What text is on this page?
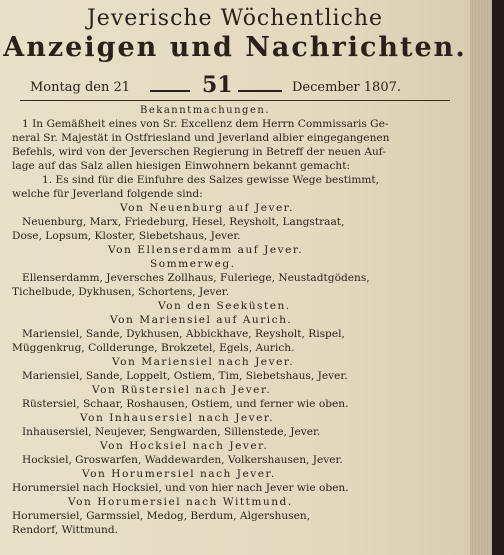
Jeverische Wöchentliche
Anzeigen und Nachrichten.
Montag den 21	51	December 1807.
Bekanntmachungen.
1 In Gemäßheit eines von Sr. Excellenz dem Herrn Commissaris Ge-
neral Sr. Majestät in Ostfriesland und Jeverland albier eingegangenen
Befehls, wird von der Jeverschen Regierung in Betreff der neuen Auf-
lage auf das Salz allen hiesigen Einwohnern bekannt gemacht:
1. Es sind für die Einfuhre des Salzes gewisse Wege bestimmt,
welche für Jeverland folgende sind:
Von Neuenburg auf Jever.
Neuenburg, Marx, Friedeburg, Hesel, Reysholt, Langstraat,
Dose, Lopsum, Kloster, Siebetshaus, Jever.
Von Ellenserdamm auf Jever.
Sommerweg.
Ellenserdamm, Jeversches Zollhaus, Fuleriege, Neustadtgödens,
Tichelbude, Dykhusen, Schortens, Jever.
Von den Seeküsten.
Von Mariensiel auf Aurich.
Mariensiel, Sande, Dykhusen, Abbickhave, Reysholt, Rispel,
Müggenkrug, Collderunge, Brokzetel, Egels, Aurich.
Von Mariensiel nach Jever.
Mariensiel, Sande, Loppelt, Ostiem, Tim, Siebetshaus, Jever.
Von Rüstersiel nach Jever.
Rüstersiel, Schaar, Roshausen, Ostiem, und ferner wie oben.
Von Inhausersiel nach Jever.
Inhausersiel, Neujever, Sengwarden, Sillenstede, Jever.
Von Hocksiel nach Jever.
Hocksiel, Groswarfen, Waddewarden, Volkershausen, Jever.
Von Horumersiel nach Jever.
Horumersiel nach Hocksiel, und von hier nach Jever wie oben.
Von Horumersiel nach Wittmund.
Horumersiel, Garmssiel, Medog, Berdum, Algershusen,
Rendorf, Wittmund.
